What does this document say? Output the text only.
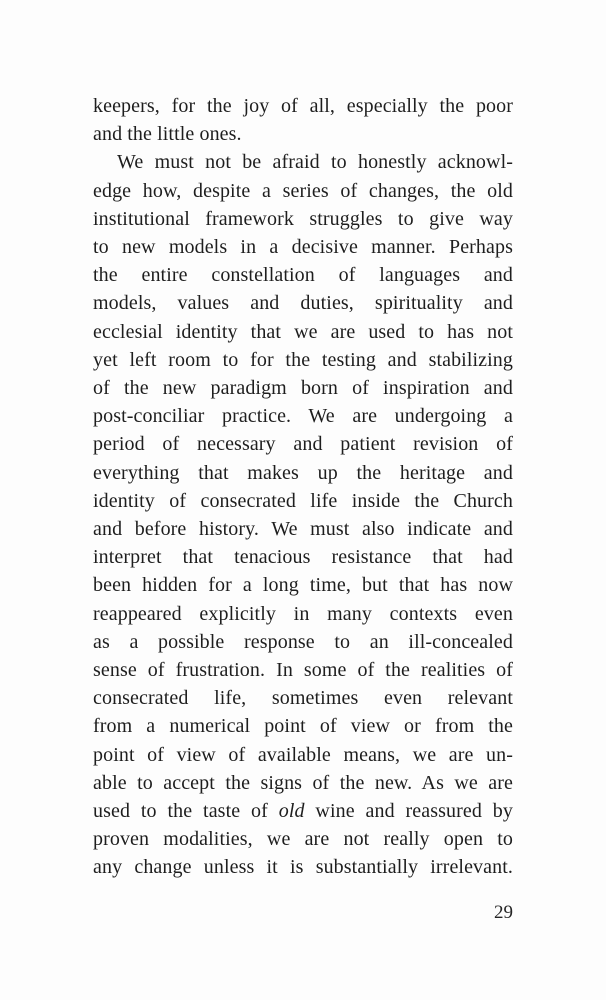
keepers, for the joy of all, especially the poor
and the little ones.
We must not be afraid to honestly acknowl-
edge how, despite a series of changes, the old
institutional framework struggles to give way
to new models in a decisive manner. Perhaps
the entire constellation of languages and
models, values and duties, spirituality and
ecclesial identity that we are used to has not
yet left room to for the testing and stabilizing
of the new paradigm born of inspiration and
post-conciliar practice. We are undergoing a
period of necessary and patient revision of
everything that makes up the heritage and
identity of consecrated life inside the Church
and before history. We must also indicate and
interpret that tenacious resistance that had
been hidden for a long time, but that has now
reappeared explicitly in many contexts even
as a possible response to an ill-concealed
sense of frustration. In some of the realities of
consecrated life, sometimes even relevant
from a numerical point of view or from the
point of view of available means, we are un-
able to accept the signs of the new. As we are
used to the taste of old wine and reassured by
proven modalities, we are not really open to
any change unless it is substantially irrelevant.
29
